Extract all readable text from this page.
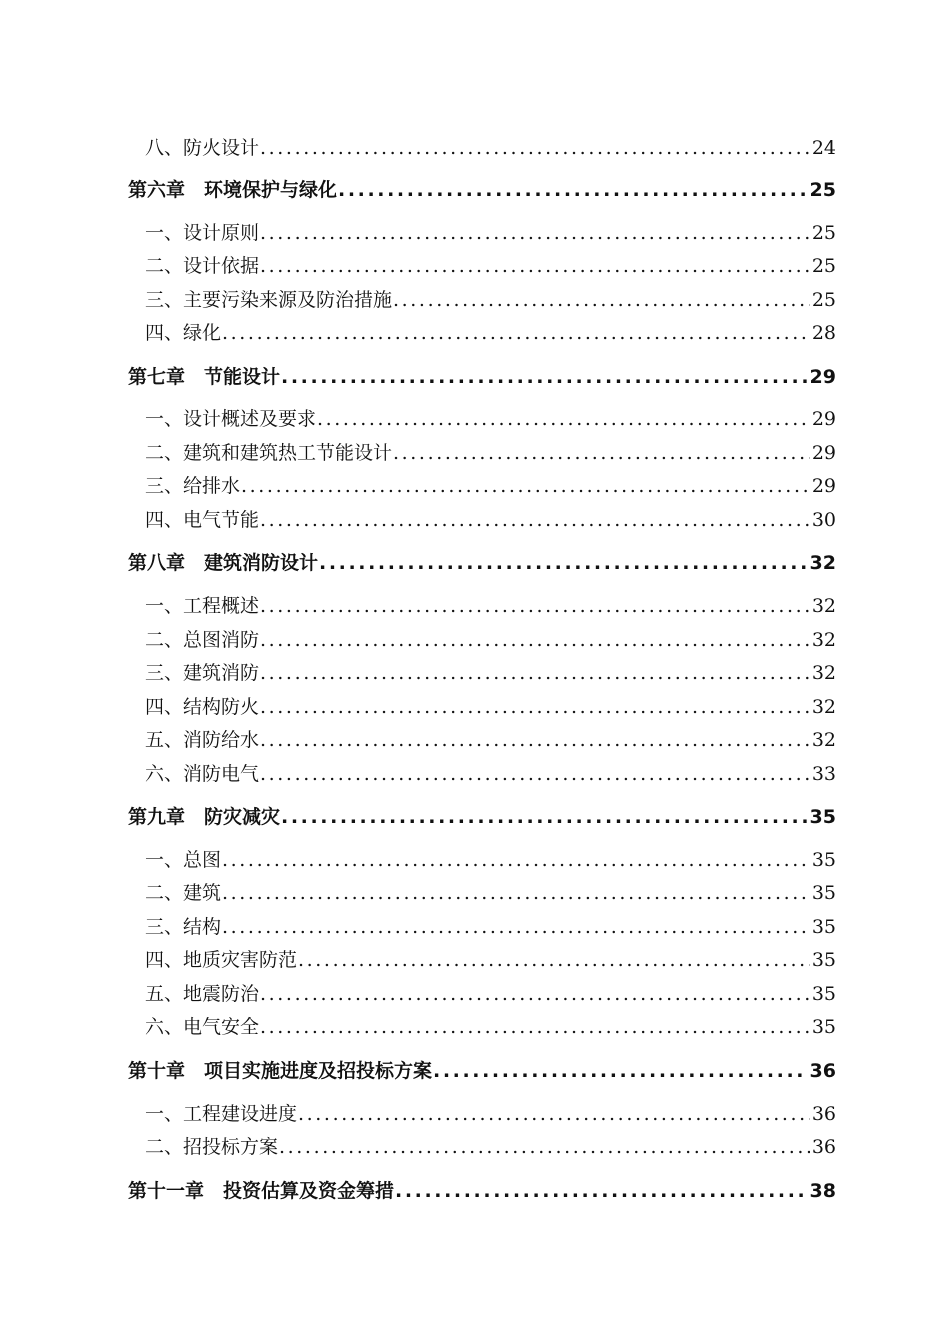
八、防火设计 .....	24
第六章　环境保护与绿化 .....	25
一、设计原则 .....	25
二、设计依据 .....	25
三、主要污染来源及防治措施 .....	25
四、绿化 .....	28
第七章　节能设计 .....	29
一、设计概述及要求 .....	29
二、建筑和建筑热工节能设计 .....	29
三、给排水 .....	29
四、电气节能 .....	30
第八章　建筑消防设计 .....	32
一、工程概述 .....	32
二、总图消防 .....	32
三、建筑消防 .....	32
四、结构防火 .....	32
五、消防给水 .....	32
六、消防电气 .....	33
第九章　防灾减灾 .....	35
一、总图 .....	35
二、建筑 .....	35
三、结构 .....	35
四、地质灾害防范 .....	35
五、地震防治 .....	35
六、电气安全 .....	35
第十章　项目实施进度及招投标方案 .....	36
一、工程建设进度 .....	36
二、招投标方案 .....	36
第十一章　投资估算及资金筹措 .....	38
